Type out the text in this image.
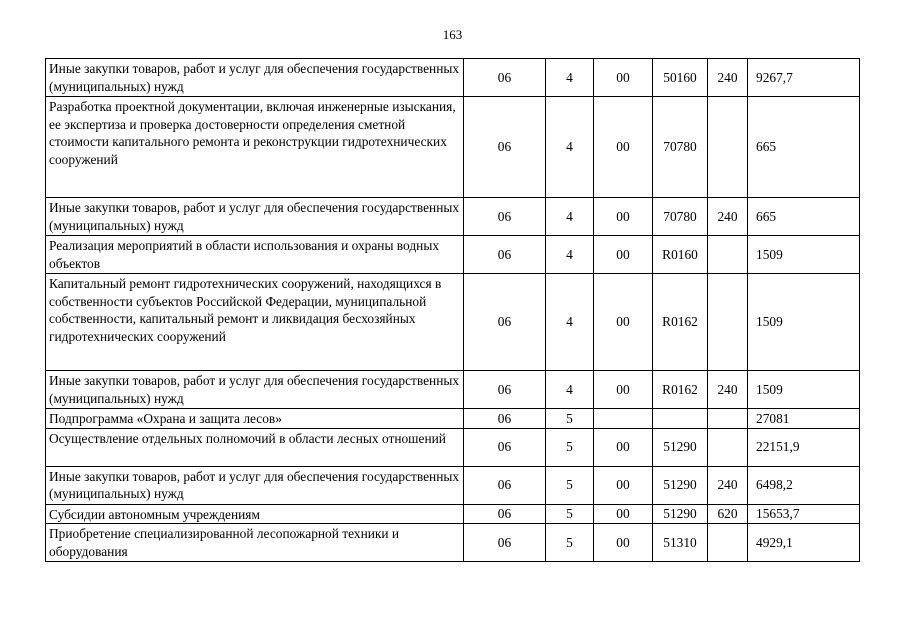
163
Иные закупки товаров, работ и услуг для обеспечения государственных (муниципальных) нужд	06	4	00	50160	240	9267,7
Разработка проектной документации, включая инженерные изыскания, ее экспертиза и проверка достоверности определения сметной стоимости капитального ремонта и реконструкции гидротехнических сооружений	06	4	00	70780		665
Иные закупки товаров, работ и услуг для обеспечения государственных (муниципальных) нужд	06	4	00	70780	240	665
Реализация мероприятий в области использования и охраны водных объектов	06	4	00	R0160		1509
Капитальный ремонт гидротехнических сооружений, находящихся в собственности субъектов Российской Федерации, муниципальной собственности, капитальный ремонт и ликвидация бесхозяйных гидротехнических сооружений	06	4	00	R0162		1509
Иные закупки товаров, работ и услуг для обеспечения государственных (муниципальных) нужд	06	4	00	R0162	240	1509
Подпрограмма «Охрана и защита лесов»	06	5				27081
Осуществление отдельных полномочий в области лесных отношений	06	5	00	51290		22151,9
Иные закупки товаров, работ и услуг для обеспечения государственных (муниципальных) нужд	06	5	00	51290	240	6498,2
Субсидии автономным учреждениям	06	5	00	51290	620	15653,7
Приобретение специализированной лесопожарной техники и оборудования	06	5	00	51310		4929,1
